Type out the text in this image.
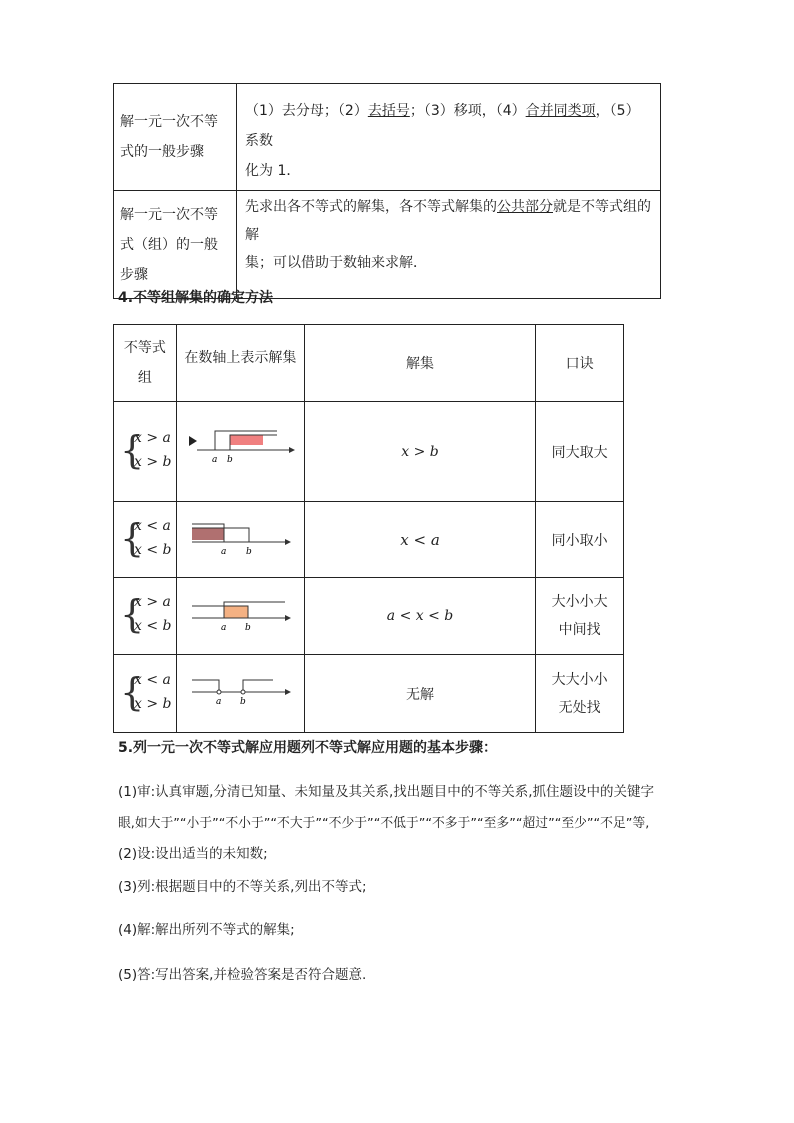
解一元一次不等
式的一般步骤	（1）去分母；（2）去括号；（3）移项，（4）合并同类项，（5）系数
化为 1．
解一元一次不等
式（组）的一般
步骤	先求出各不等式的解集，各不等式解集的公共部分就是不等式组的解
集；可以借助于数轴来求解．
4.不等组解集的确定方法
不等式
组	在数轴上表示解集	解集	口诀

{
x > a
x > b	a b	x > b	同大取大

{
x < a
x < b	a b	x < a	同小取小

{
x > a
x < b	a b	a < x < b	大小小大
中间找

{
x < a
x > b	a b	无解	大大小小
无处找
5.列一元一次不等式解应用题列不等式解应用题的基本步骤：
(1)审:认真审题,分清已知量、未知量及其关系,找出题目中的不等关系,抓住题设中的关键字
眼,如大于”“小于”“不小于”“不大于”“不少于”“不低于”“不多于”“至多”“超过”“至少”“不足”等,
(2)设:设出适当的未知数;
(3)列:根据题目中的不等关系,列出不等式;
(4)解:解出所列不等式的解集;
(5)答:写出答案,并检验答案是否符合题意.
